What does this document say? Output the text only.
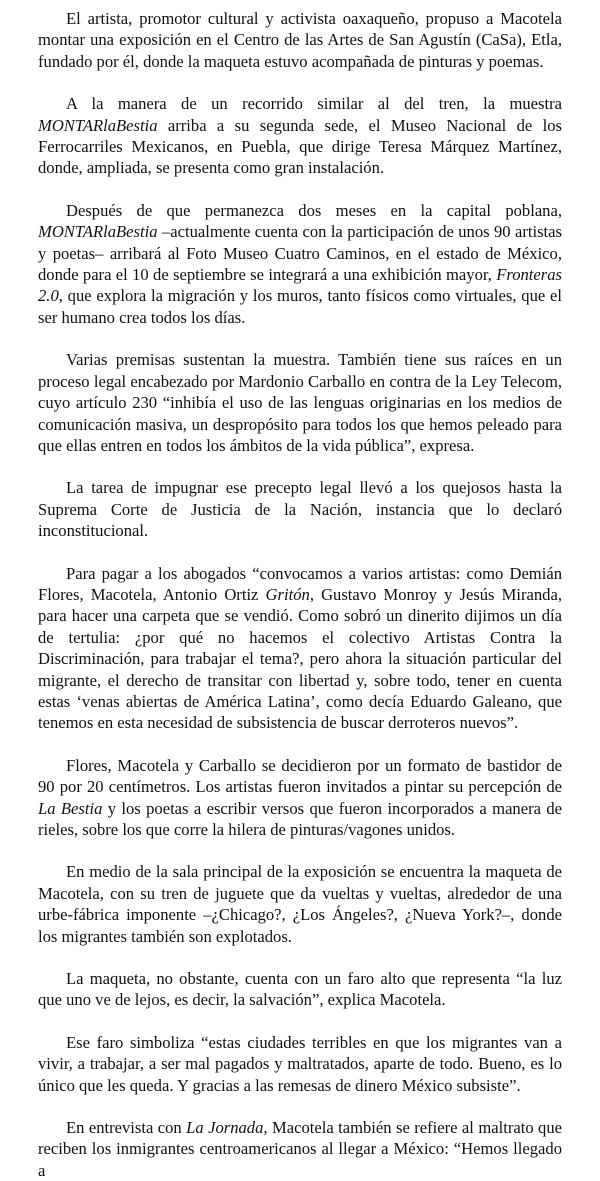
El artista, promotor cultural y activista oaxaqueño, propuso a Macotela montar una exposición en el Centro de las Artes de San Agustín (CaSa), Etla, fundado por él, donde la maqueta estuvo acompañada de pinturas y poemas.

A la manera de un recorrido similar al del tren, la muestra MONTARlaBestia arriba a su segunda sede, el Museo Nacional de los Ferrocarriles Mexicanos, en Puebla, que dirige Teresa Márquez Martínez, donde, ampliada, se presenta como gran instalación.

Después de que permanezca dos meses en la capital poblana, MONTARlaBestia –actualmente cuenta con la participación de unos 90 artistas y poetas– arribará al Foto Museo Cuatro Caminos, en el estado de México, donde para el 10 de septiembre se integrará a una exhibición mayor, Fronteras 2.0, que explora la migración y los muros, tanto físicos como virtuales, que el ser humano crea todos los días.

Varias premisas sustentan la muestra. También tiene sus raíces en un proceso legal encabezado por Mardonio Carballo en contra de la Ley Telecom, cuyo artículo 230 “inhibía el uso de las lenguas originarias en los medios de comunicación masiva, un despropósito para todos los que hemos peleado para que ellas entren en todos los ámbitos de la vida pública”, expresa.

La tarea de impugnar ese precepto legal llevó a los quejosos hasta la Suprema Corte de Justicia de la Nación, instancia que lo declaró inconstitucional.

Para pagar a los abogados “convocamos a varios artistas: como Demián Flores, Macotela, Antonio Ortiz Gritón, Gustavo Monroy y Jesús Miranda, para hacer una carpeta que se vendió. Como sobró un dinerito dijimos un día de tertulia: ¿por qué no hacemos el colectivo Artistas Contra la Discriminación, para trabajar el tema?, pero ahora la situación particular del migrante, el derecho de transitar con libertad y, sobre todo, tener en cuenta estas ‘venas abiertas de América Latina’, como decía Eduardo Galeano, que tenemos en esta necesidad de subsistencia de buscar derroteros nuevos”.

Flores, Macotela y Carballo se decidieron por un formato de bastidor de 90 por 20 centímetros. Los artistas fueron invitados a pintar su percepción de La Bestia y los poetas a escribir versos que fueron incorporados a manera de rieles, sobre los que corre la hilera de pinturas/vagones unidos.

En medio de la sala principal de la exposición se encuentra la maqueta de Macotela, con su tren de juguete que da vueltas y vueltas, alrededor de una urbe-fábrica imponente –¿Chicago?, ¿Los Ángeles?, ¿Nueva York?–, donde los migrantes también son explotados.

La maqueta, no obstante, cuenta con un faro alto que representa “la luz que uno ve de lejos, es decir, la salvación”, explica Macotela.

Ese faro simboliza “estas ciudades terribles en que los migrantes van a vivir, a trabajar, a ser mal pagados y maltratados, aparte de todo. Bueno, es lo único que les queda. Y gracias a las remesas de dinero México subsiste”.

En entrevista con La Jornada, Macotela también se refiere al maltrato que reciben los inmigrantes centroamericanos al llegar a México: “Hemos llegado a
